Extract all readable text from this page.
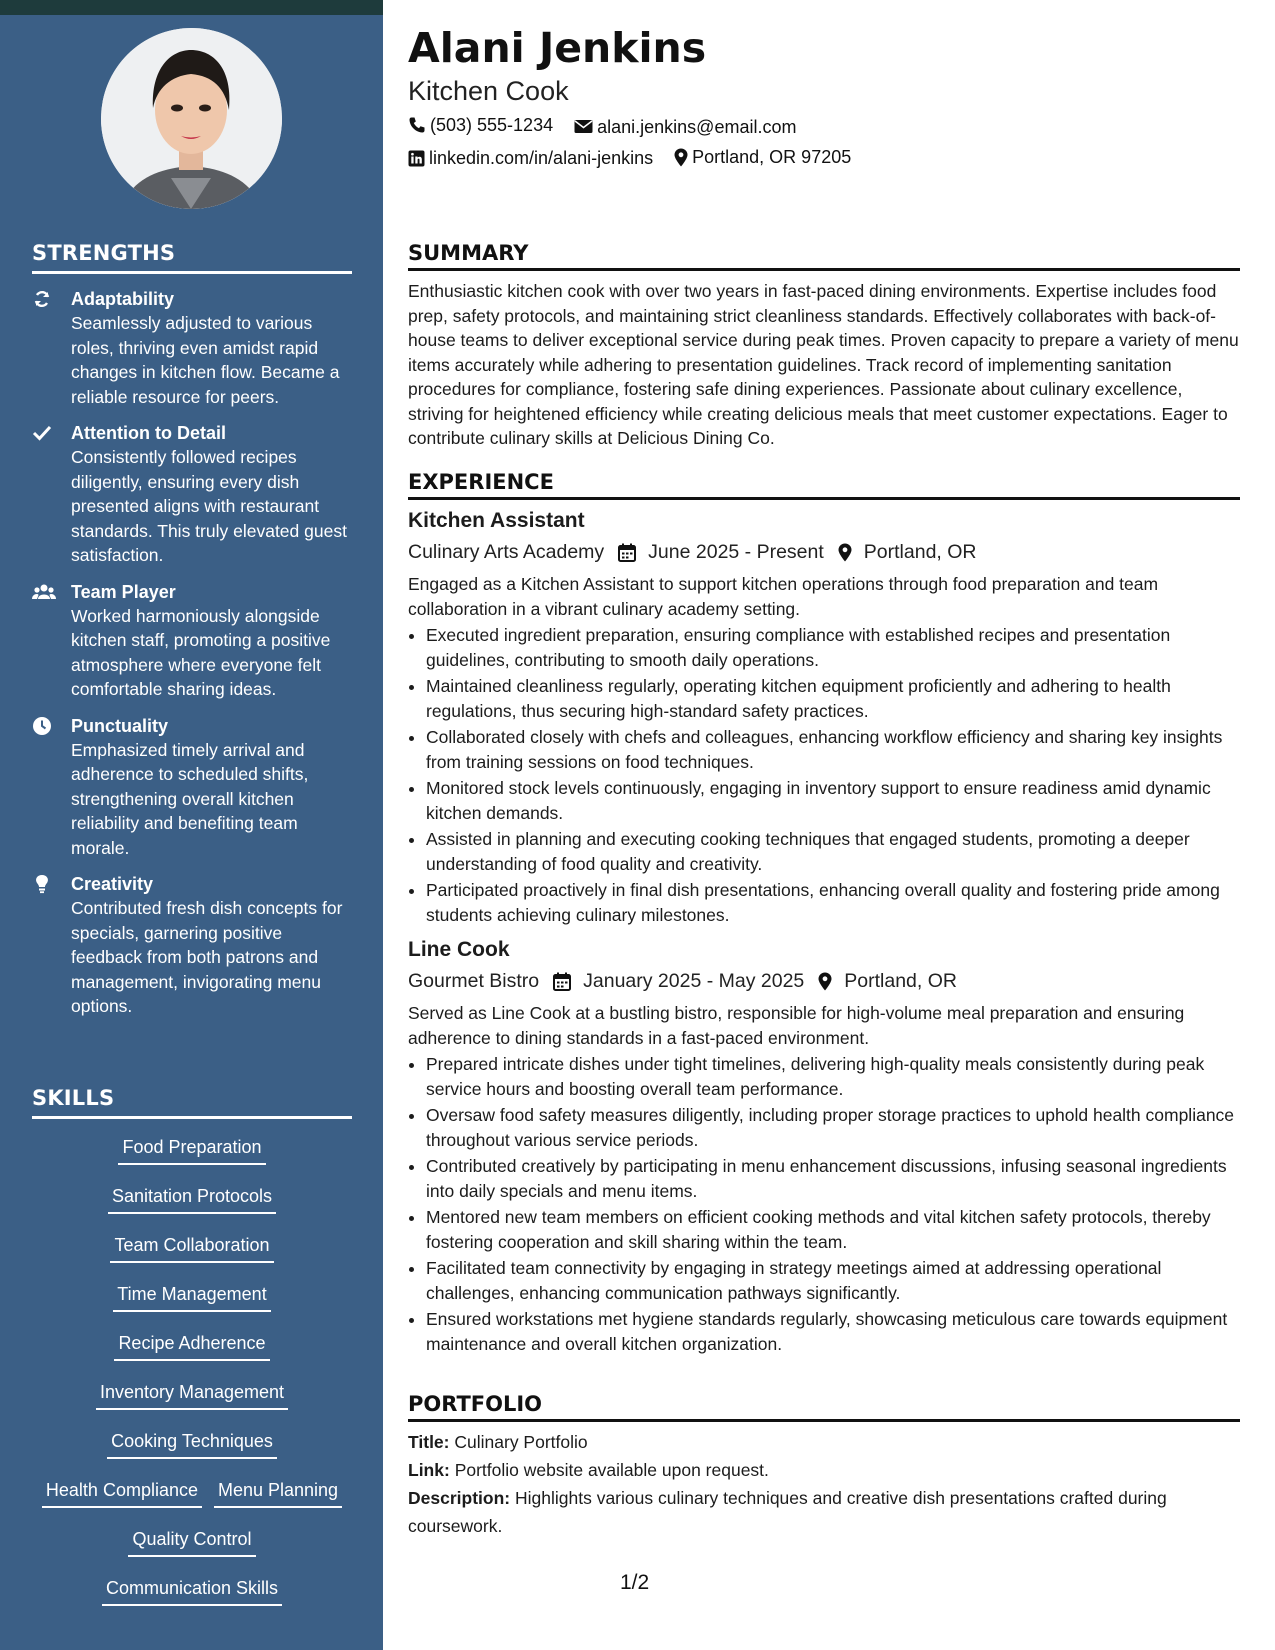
STRENGTHS
Adaptability
Seamlessly adjusted to various roles, thriving even amidst rapid changes in kitchen flow. Became a reliable resource for peers.
Attention to Detail
Consistently followed recipes diligently, ensuring every dish presented aligns with restaurant standards. This truly elevated guest satisfaction.
Team Player
Worked harmoniously alongside kitchen staff, promoting a positive atmosphere where everyone felt comfortable sharing ideas.
Punctuality
Emphasized timely arrival and adherence to scheduled shifts, strengthening overall kitchen reliability and benefiting team morale.
Creativity
Contributed fresh dish concepts for specials, garnering positive feedback from both patrons and management, invigorating menu options.
SKILLS
Food Preparation
Sanitation Protocols
Team Collaboration
Time Management
Recipe Adherence
Inventory Management
Cooking Techniques
Health Compliance Menu Planning
Quality Control
Communication Skills
Alani Jenkins
Kitchen Cook
(503) 555-1234
alani.jenkins@email.com
linkedin.com/in/alani-jenkins
Portland, OR 97205
SUMMARY

Enthusiastic kitchen cook with over two years in fast-paced dining environments. Expertise includes food prep, safety protocols, and maintaining strict cleanliness standards. Effectively collaborates with back-of-house teams to deliver exceptional service during peak times. Proven capacity to prepare a variety of menu items accurately while adhering to presentation guidelines. Track record of implementing sanitation procedures for compliance, fostering safe dining experiences. Passionate about culinary excellence, striving for heightened efficiency while creating delicious meals that meet customer expectations. Eager to contribute culinary skills at Delicious Dining Co.

EXPERIENCE
Kitchen Assistant
Culinary Arts Academy June 2025 - Present Portland, OR

Engaged as a Kitchen Assistant to support kitchen operations through food preparation and team collaboration in a vibrant culinary academy setting.

• Executed ingredient preparation, ensuring compliance with established recipes and presentation guidelines, contributing to smooth daily operations.
• Maintained cleanliness regularly, operating kitchen equipment proficiently and adhering to health regulations, thus securing high-standard safety practices.
• Collaborated closely with chefs and colleagues, enhancing workflow efficiency and sharing key insights from training sessions on food techniques.
• Monitored stock levels continuously, engaging in inventory support to ensure readiness amid dynamic kitchen demands.
• Assisted in planning and executing cooking techniques that engaged students, promoting a deeper understanding of food quality and creativity.
• Participated proactively in final dish presentations, enhancing overall quality and fostering pride among students achieving culinary milestones.
Line Cook
Gourmet Bistro January 2025 - May 2025 Portland, OR

Served as Line Cook at a bustling bistro, responsible for high-volume meal preparation and ensuring adherence to dining standards in a fast-paced environment.

• Prepared intricate dishes under tight timelines, delivering high-quality meals consistently during peak service hours and boosting overall team performance.
• Oversaw food safety measures diligently, including proper storage practices to uphold health compliance throughout various service periods.
• Contributed creatively by participating in menu enhancement discussions, infusing seasonal ingredients into daily specials and menu items.
• Mentored new team members on efficient cooking methods and vital kitchen safety protocols, thereby fostering cooperation and skill sharing within the team.
• Facilitated team connectivity by engaging in strategy meetings aimed at addressing operational challenges, enhancing communication pathways significantly.
• Ensured workstations met hygiene standards regularly, showcasing meticulous care towards equipment maintenance and overall kitchen organization.
PORTFOLIO
Title: Culinary Portfolio
Link: Portfolio website available upon request.
Description: Highlights various culinary techniques and creative dish presentations crafted during coursework.
1/2
